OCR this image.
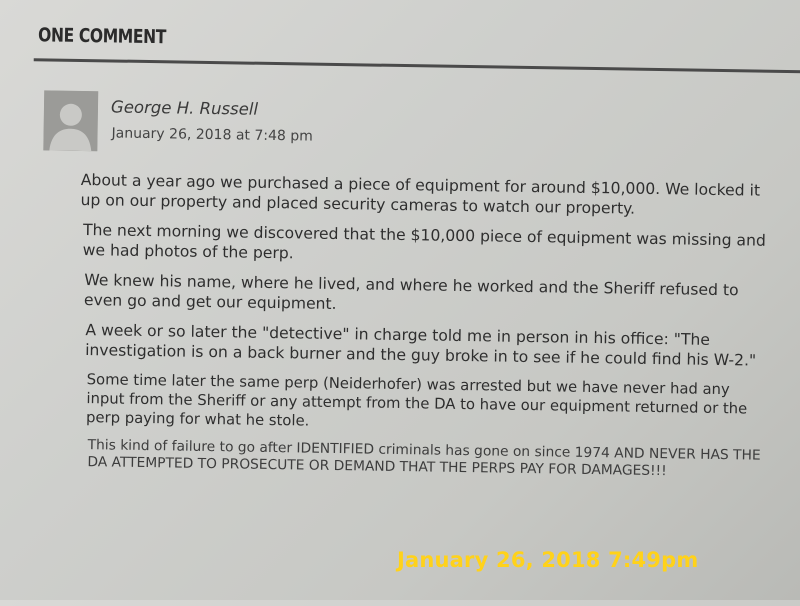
ONE COMMENT
George H. Russell
January 26, 2018 at 7:48 pm

About a year ago we purchased a piece of equipment for around $10,000. We locked it up on our property and placed security cameras to watch our property.

The next morning we discovered that the $10,000 piece of equipment was missing and we had photos of the perp.

We knew his name, where he lived, and where he worked and the Sheriff refused to even go and get our equipment.

A week or so later the "detective" in charge told me in person in his office: "The investigation is on a back burner and the guy broke in to see if he could find his W-2."

Some time later the same perp (Neiderhofer) was arrested but we have never had any input from the Sheriff or any attempt from the DA to have our equipment returned or the perp paying for what he stole.

This kind of failure to go after IDENTIFIED criminals has gone on since 1974 AND NEVER HAS THE DA ATTEMPTED TO PROSECUTE OR DEMAND THAT THE PERPS PAY FOR DAMAGES!!!

January 26, 2018 7:49pm
